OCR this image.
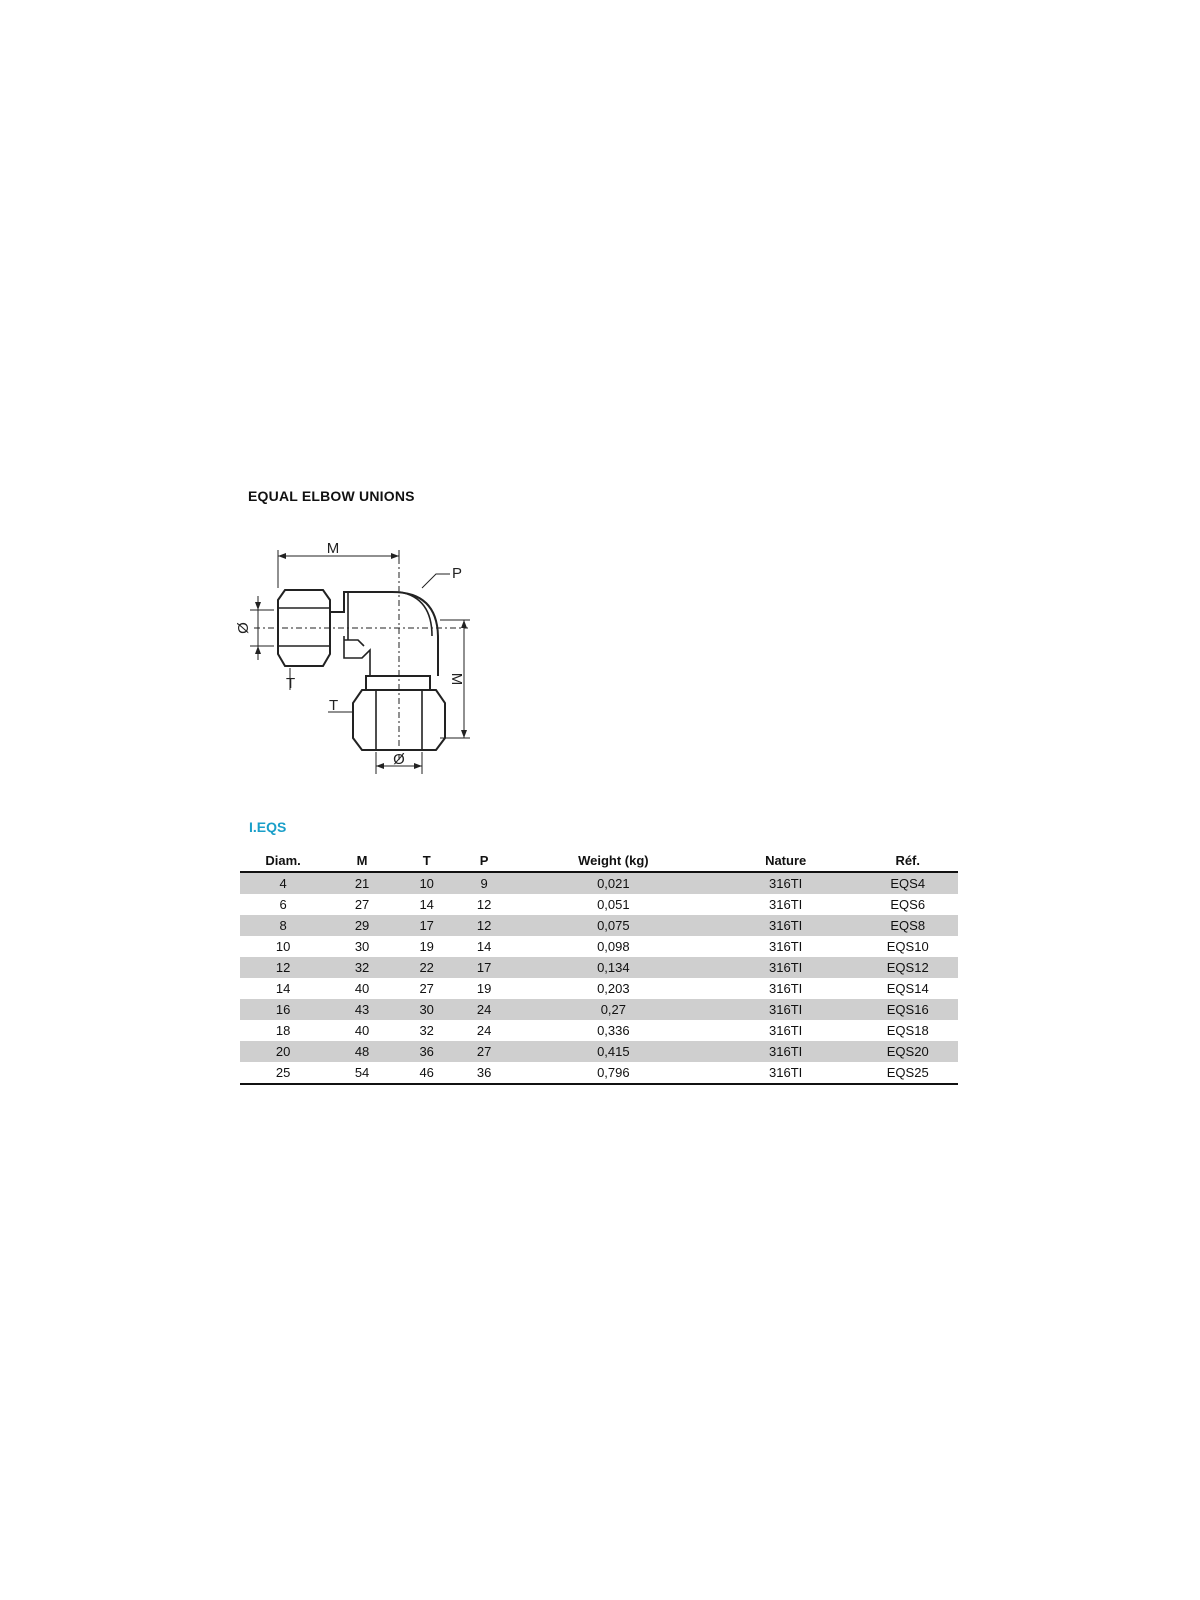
EQUAL ELBOW UNIONS
M
P
M
Ø
Ø
T
T
I.EQS
Diam.	M	T	P	Weight (kg)	Nature	Réf.
4	21	10	9	0,021	316TI	EQS4
6	27	14	12	0,051	316TI	EQS6
8	29	17	12	0,075	316TI	EQS8
10	30	19	14	0,098	316TI	EQS10
12	32	22	17	0,134	316TI	EQS12
14	40	27	19	0,203	316TI	EQS14
16	43	30	24	0,27	316TI	EQS16
18	40	32	24	0,336	316TI	EQS18
20	48	36	27	0,415	316TI	EQS20
25	54	46	36	0,796	316TI	EQS25
